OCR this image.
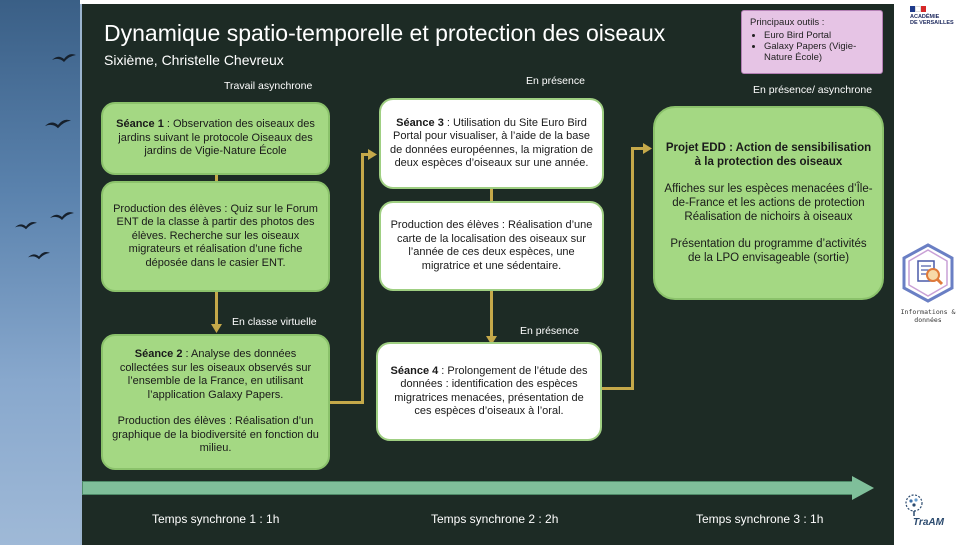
Dynamique spatio-temporelle et protection des oiseaux
Sixième, Christelle Chevreux
Principaux outils :
• Euro Bird Portal
• Galaxy Papers (Vigie-Nature École)
Travail asynchrone	En présence
En présence/ asynchrone
En classe virtuelle
En présence
Séance 1 : Observation des oiseaux des jardins suivant le protocole Oiseaux des jardins de Vigie-Nature École
Production des élèves : Quiz sur le Forum ENT de la classe à partir des photos des élèves. Recherche sur les oiseaux migrateurs et réalisation d’une fiche déposée dans le casier ENT.
Séance 2 : Analyse des données collectées sur les oiseaux observés sur l’ensemble de la France, en utilisant l’application Galaxy Papers.
Production des élèves : Réalisation d’un graphique de la biodiversité en fonction du milieu.
Séance 3 : Utilisation du Site Euro Bird Portal pour visualiser, à l’aide de la base de données européennes, la migration de deux espèces d’oiseaux sur une année.
Production des élèves : Réalisation d’une carte de la localisation des oiseaux sur l’année de ces deux espèces, une migratrice et une sédentaire.
Séance 4 : Prolongement de l’étude des données : identification des espèces migratrices menacées, présentation de ces espèces d’oiseaux à l’oral.
Projet EDD : Action de sensibilisation à la protection des oiseaux
Affiches sur les espèces menacées d’Île-de-France et les actions de protection
Réalisation de nichoirs à oiseaux
Présentation du programme d’activités de la LPO envisageable (sortie)
Temps synchrone 1 : 1h	Temps synchrone 2 : 2h	Temps synchrone 3 : 1h
ACADÉMIE
DE VERSAILLES
Informations & données
TraAM
